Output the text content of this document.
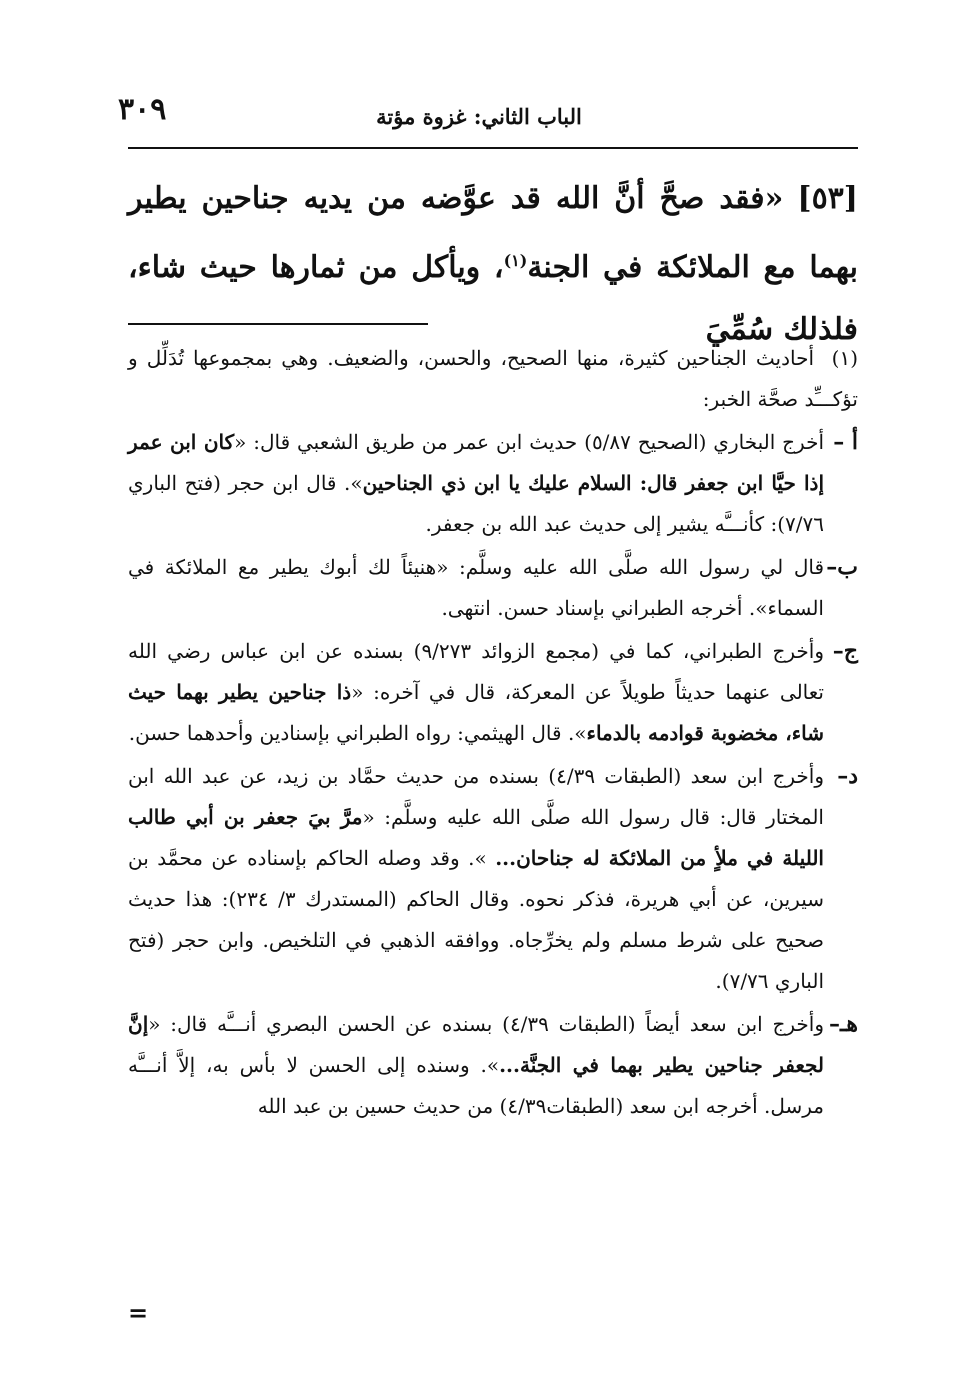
٣٠٩	الباب الثاني: غزوة مؤتة
[٥٣]«فقد صحَّ أنَّ الله قد عوَّضه من يديه جناحين يطير بهما مع الملائكة في الجنة$^{(١)}$، ويأكل من ثمارها حيث شاء، فلذلك سُمِّيَ
(١)أحاديث الجناحين كثيرة، منها الصحيح، والحسن، والضعيف. وهي بمجموعها تُدَلِّل و تؤكـــِّد صحَّة الخبر:
أ –
أخرج البخاري (الصحيح ٥/٨٧) حديث ابن عمر من طريق الشعبي قال: «كان ابن عمر إذا حيَّا ابن جعفر قال: السلام عليك يا ابن ذي الجناحين». قال ابن حجر (فتح الباري ٧/٧٦): كأنـــَّه يشير إلى حديث عبد الله بن جعفر.
ب–
قال لي رسول الله صلَّى الله عليه وسلَّم: «هنيئاً لك أبوك يطير مع الملائكة في السماء». أخرجه الطبراني بإسناد حسن. انتهى.
ج–
وأخرج الطبراني، كما في (مجمع الزوائد ٩/٢٧٣) بسنده عن ابن عباس رضي الله تعالى عنهما حديثاً طويلاً عن المعركة، قال في آخره: «ذا جناحين يطير بهما حيث شاء، مخضوبة قوادمه بالدماء». قال الهيثمي: رواه الطبراني بإسنادين وأحدهما حسن.
د–
وأخرج ابن سعد (الطبقات ٤/٣٩) بسنده من حديث حمَّاد بن زيد، عن عبد الله ابن المختار قال: قال رسول الله صلَّى الله عليه وسلَّم: «مرَّ بيَ جعفر بن أبي طالب الليلة في ملأٍ من الملائكة له جناحان... ». وقد وصله الحاكم بإسناده عن محمَّد بن سيرين، عن أبي هريرة، فذكر نحوه. وقال الحاكم (المستدرك ٣/ ٢٣٤): هذا حديث صحيح على شرط مسلم ولم يخرِّجاه. ووافقه الذهبي في التلخيص. وابن حجر (فتح الباري ٧/٧٦).
هـ–
وأخرج ابن سعد أيضاً (الطبقات ٤/٣٩) بسنده عن الحسن البصري أنـــَّه قال: «إنَّ لجعفر جناحين يطير بهما في الجنَّة...». وسنده إلى الحسن لا بأس به، إلاَّ أنـــَّه مرسل. أخرجه ابن سعد (الطبقات٤/٣٩) من حديث حسين بن عبد الله
=
